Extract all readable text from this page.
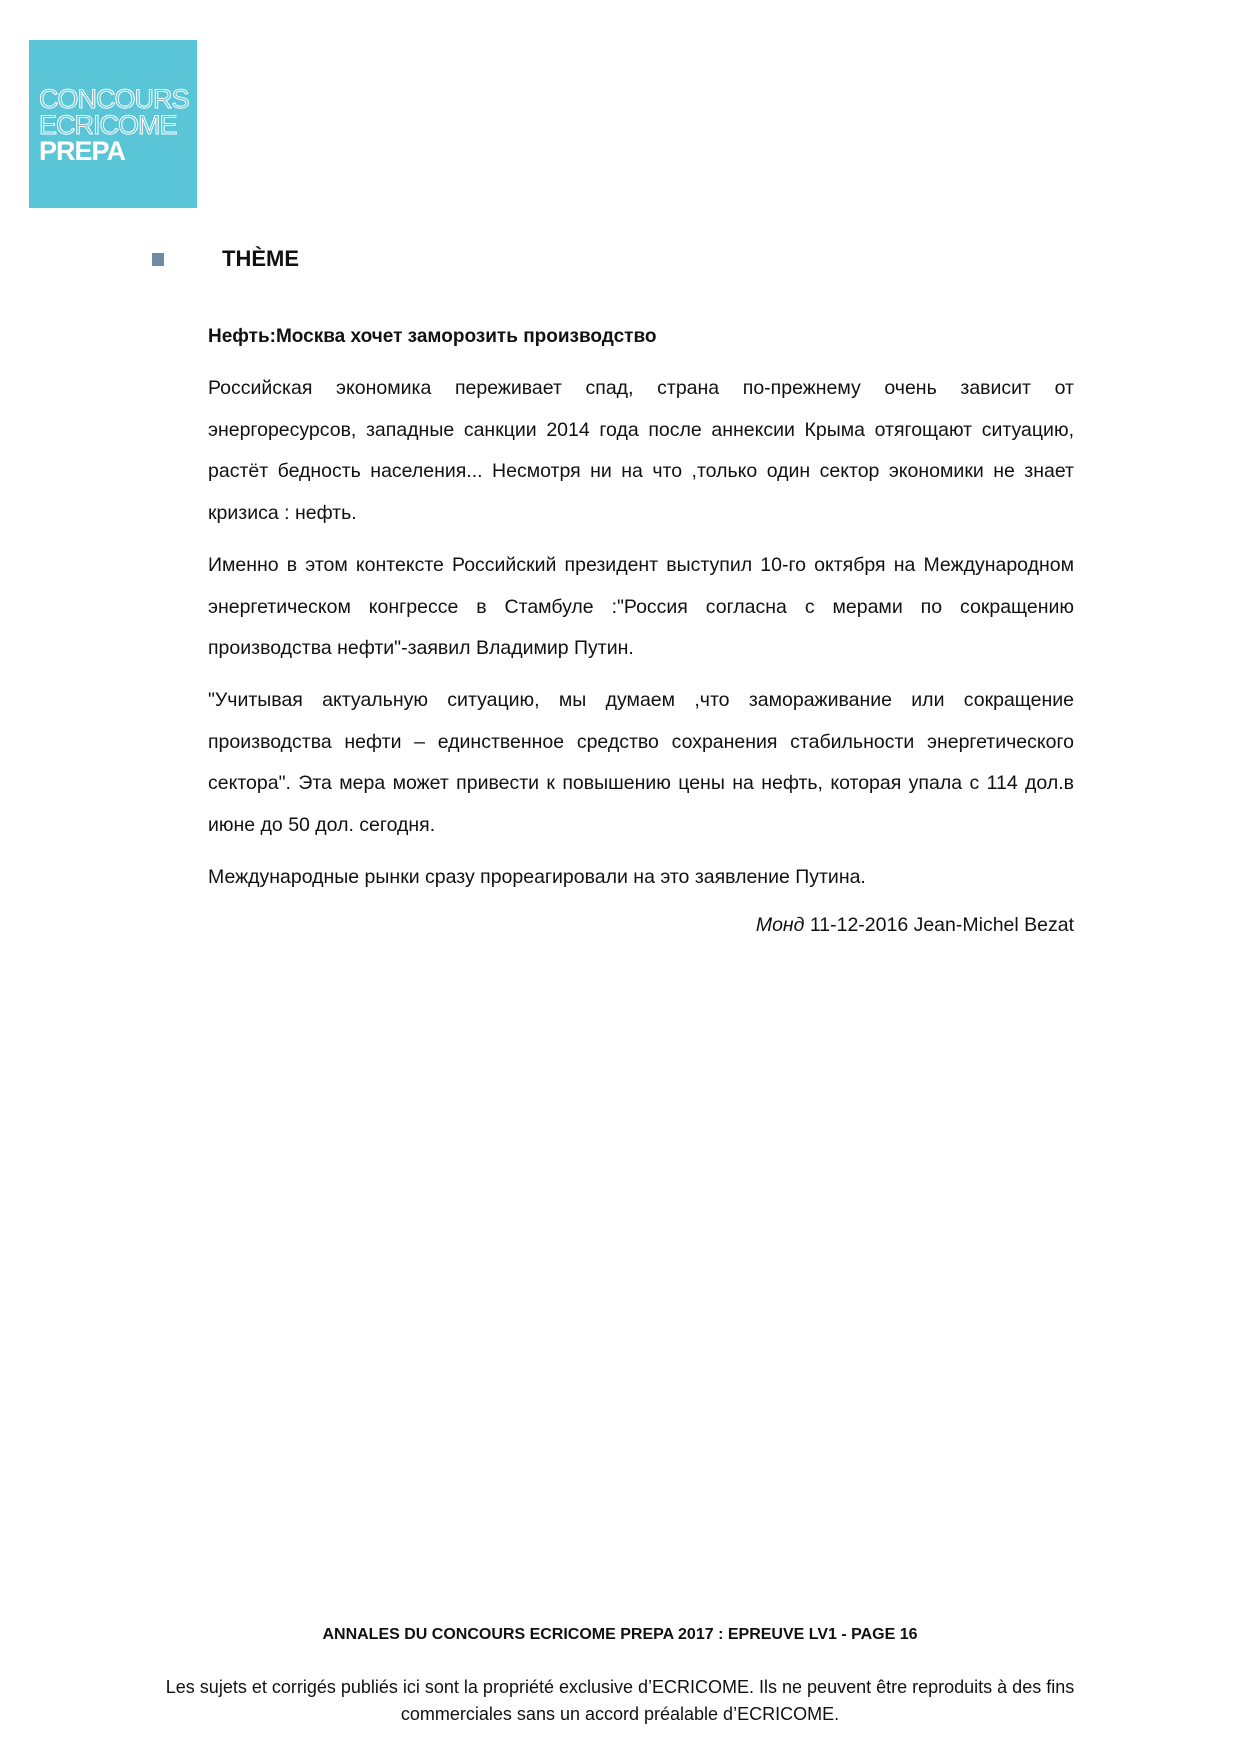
CONCOURS
ECRICOME
PREPA
THÈME
Нефть:Москва хочет заморозить производство

Российская экономика переживает спад, страна по-прежнему очень зависит от энергоресурсов, западные санкции 2014 года после аннексии Крыма отягощают ситуацию, растёт бедность населения... Несмотря ни на что ,только один сектор экономики не знает кризиса : нефть.

Именно в этом контексте Российский президент выступил 10-го октября на Международном энергетическом конгрессе в Стамбуле :"Россия согласна с мерами по сокращению производства нефти"-заявил Владимир Путин.

"Учитывая актуальную ситуацию, мы думаем ,что замораживание или сокращение производства нефти – единственное средство сохранения стабильности энергетического сектора". Эта мера может привести к повышению цены на нефть, которая упала с 114 дол.в июне до 50 дол. сегодня.

Международные рынки сразу прореагировали на это заявление Путина.

Монд 11-12-2016 Jean-Michel Bezat
ANNALES DU CONCOURS ECRICOME PREPA 2017 : EPREUVE LV1 - PAGE 16
Les sujets et corrigés publiés ici sont la propriété exclusive d’ECRICOME. Ils ne peuvent être reproduits à des fins commerciales sans un accord préalable d’ECRICOME.
